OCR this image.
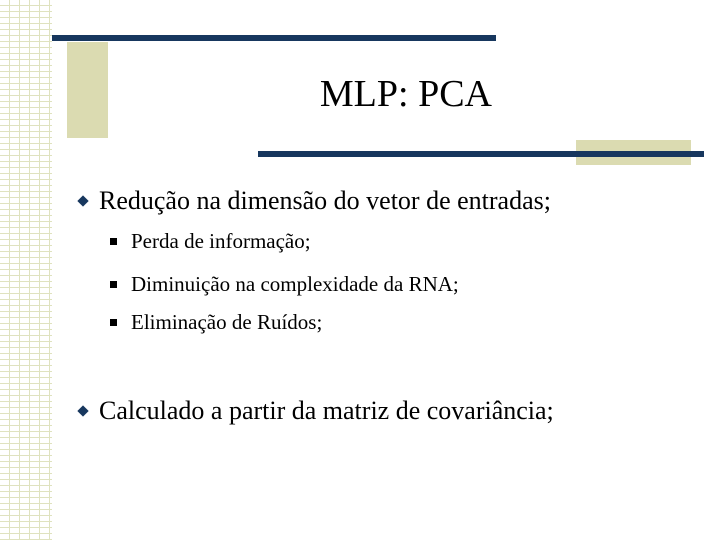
MLP: PCA
Redução na dimensão do vetor de entradas;
Perda de informação;
Diminuição na complexidade da RNA;
Eliminação de Ruídos;
Calculado a partir da matriz de covariância;
